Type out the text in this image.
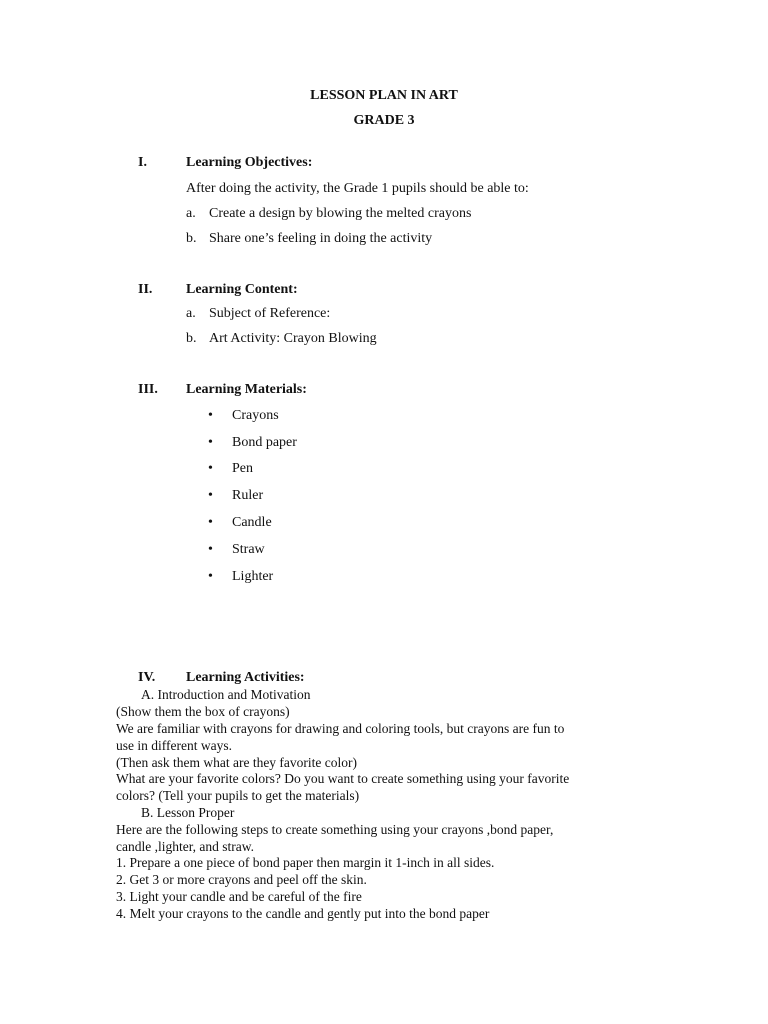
LESSON PLAN IN ART
GRADE 3
I.	Learning Objectives:
After doing the activity, the Grade 1 pupils should be able to:
a. Create a design by blowing the melted crayons
b. Share one’s feeling in doing the activity
II. Learning Content:
a. Subject of Reference:
b. Art Activity: Crayon Blowing
III. Learning Materials:
• Crayons
• Bond paper
• Pen
• Ruler
• Candle
• Straw
• Lighter
IV. Learning Activities:
A. Introduction and Motivation
(Show them the box of crayons)
We are familiar with crayons for drawing and coloring tools, but crayons are fun to
use in different ways.
(Then ask them what are they favorite color)
What are your favorite colors? Do you want to create something using your favorite
colors? (Tell your pupils to get the materials)
B. Lesson Proper
Here are the following steps to create something using your crayons ,bond paper,
candle ,lighter, and straw.
1. Prepare a one piece of bond paper then margin it 1-inch in all sides.
2. Get 3 or more crayons and peel off the skin.
3. Light your candle and be careful of the fire
4. Melt your crayons to the candle and gently put into the bond paper
